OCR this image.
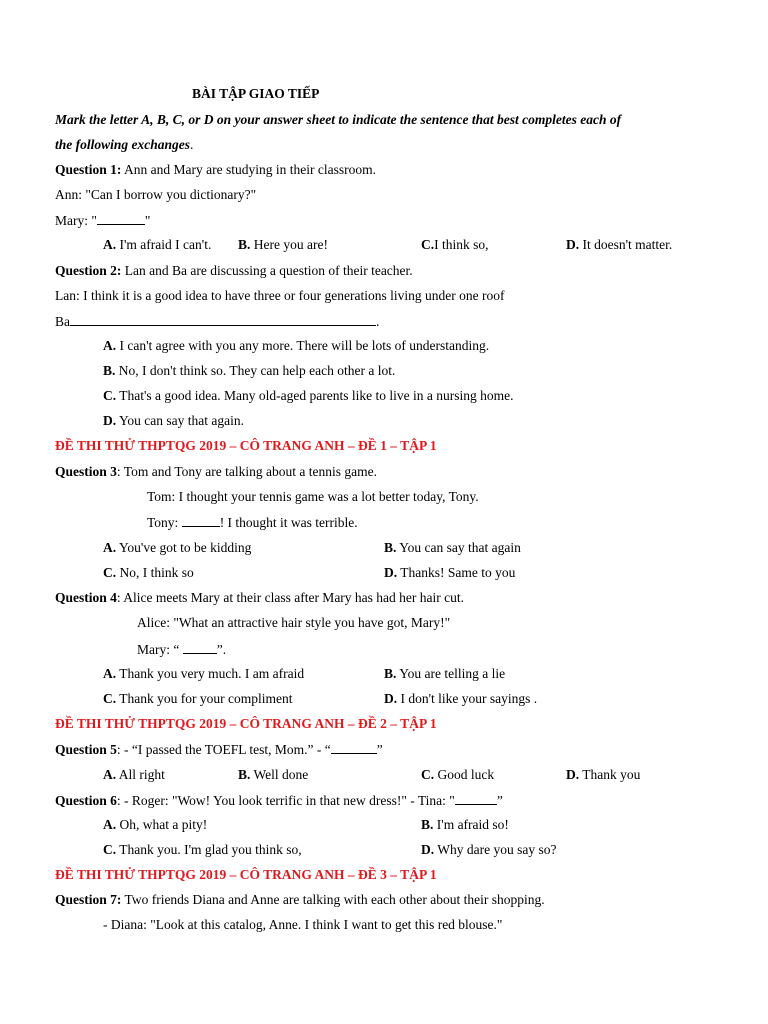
BÀI TẬP GIAO TIẾP
Mark the letter A, B, C, or D on your answer sheet to indicate the sentence that best completes each of
the following exchanges.
Question 1: Ann and Mary are studying in their classroom.
Ann: "Can I borrow you dictionary?"
Mary: "	"
A. I'm afraid I can't. B. Here you are!	C.I think so,	D. It doesn't matter.
Question 2: Lan and Ba are discussing a question of their teacher.
Lan: I think it is a good idea to have three or four generations living under one roof
Ba	.
A. I can't agree with you any more. There will be lots of understanding.
B. No, I don't think so. They can help each other a lot.
C. That's a good idea. Many old-aged parents like to live in a nursing home.
D. You can say that again.
ĐỀ THI THỬ THPTQG 2019 – CÔ TRANG ANH – ĐỀ 1 – TẬP 1
Question 3: Tom and Tony are talking about a tennis game.
Tom: I thought your tennis game was a lot better today, Tony.
Tony:	! I thought it was terrible.
A. You've got to be kidding	B. You can say that again
C. No, I think so	D. Thanks! Same to you
Question 4: Alice meets Mary at their class after Mary has had her hair cut.
Alice: "What an attractive hair style you have got, Mary!"
Mary: “	”.
A. Thank you very much. I am afraid	B. You are telling a lie
C. Thank you for your compliment	D. I don't like your sayings .
ĐỀ THI THỬ THPTQG 2019 – CÔ TRANG ANH – ĐỀ 2 – TẬP 1
Question 5: - “I passed the TOEFL test, Mom.” - “	”
A. All right	B. Well done	C. Good luck	D. Thank you
Question 6: - Roger: "Wow! You look terrific in that new dress!" - Tina: "	”
A. Oh, what a pity!	B. I'm afraid so!
C. Thank you. I'm glad you think so,	D. Why dare you say so?
ĐỀ THI THỬ THPTQG 2019 – CÔ TRANG ANH – ĐỀ 3 – TẬP 1
Question 7: Two friends Diana and Anne are talking with each other about their shopping.
- Diana: "Look at this catalog, Anne. I think I want to get this red blouse."
